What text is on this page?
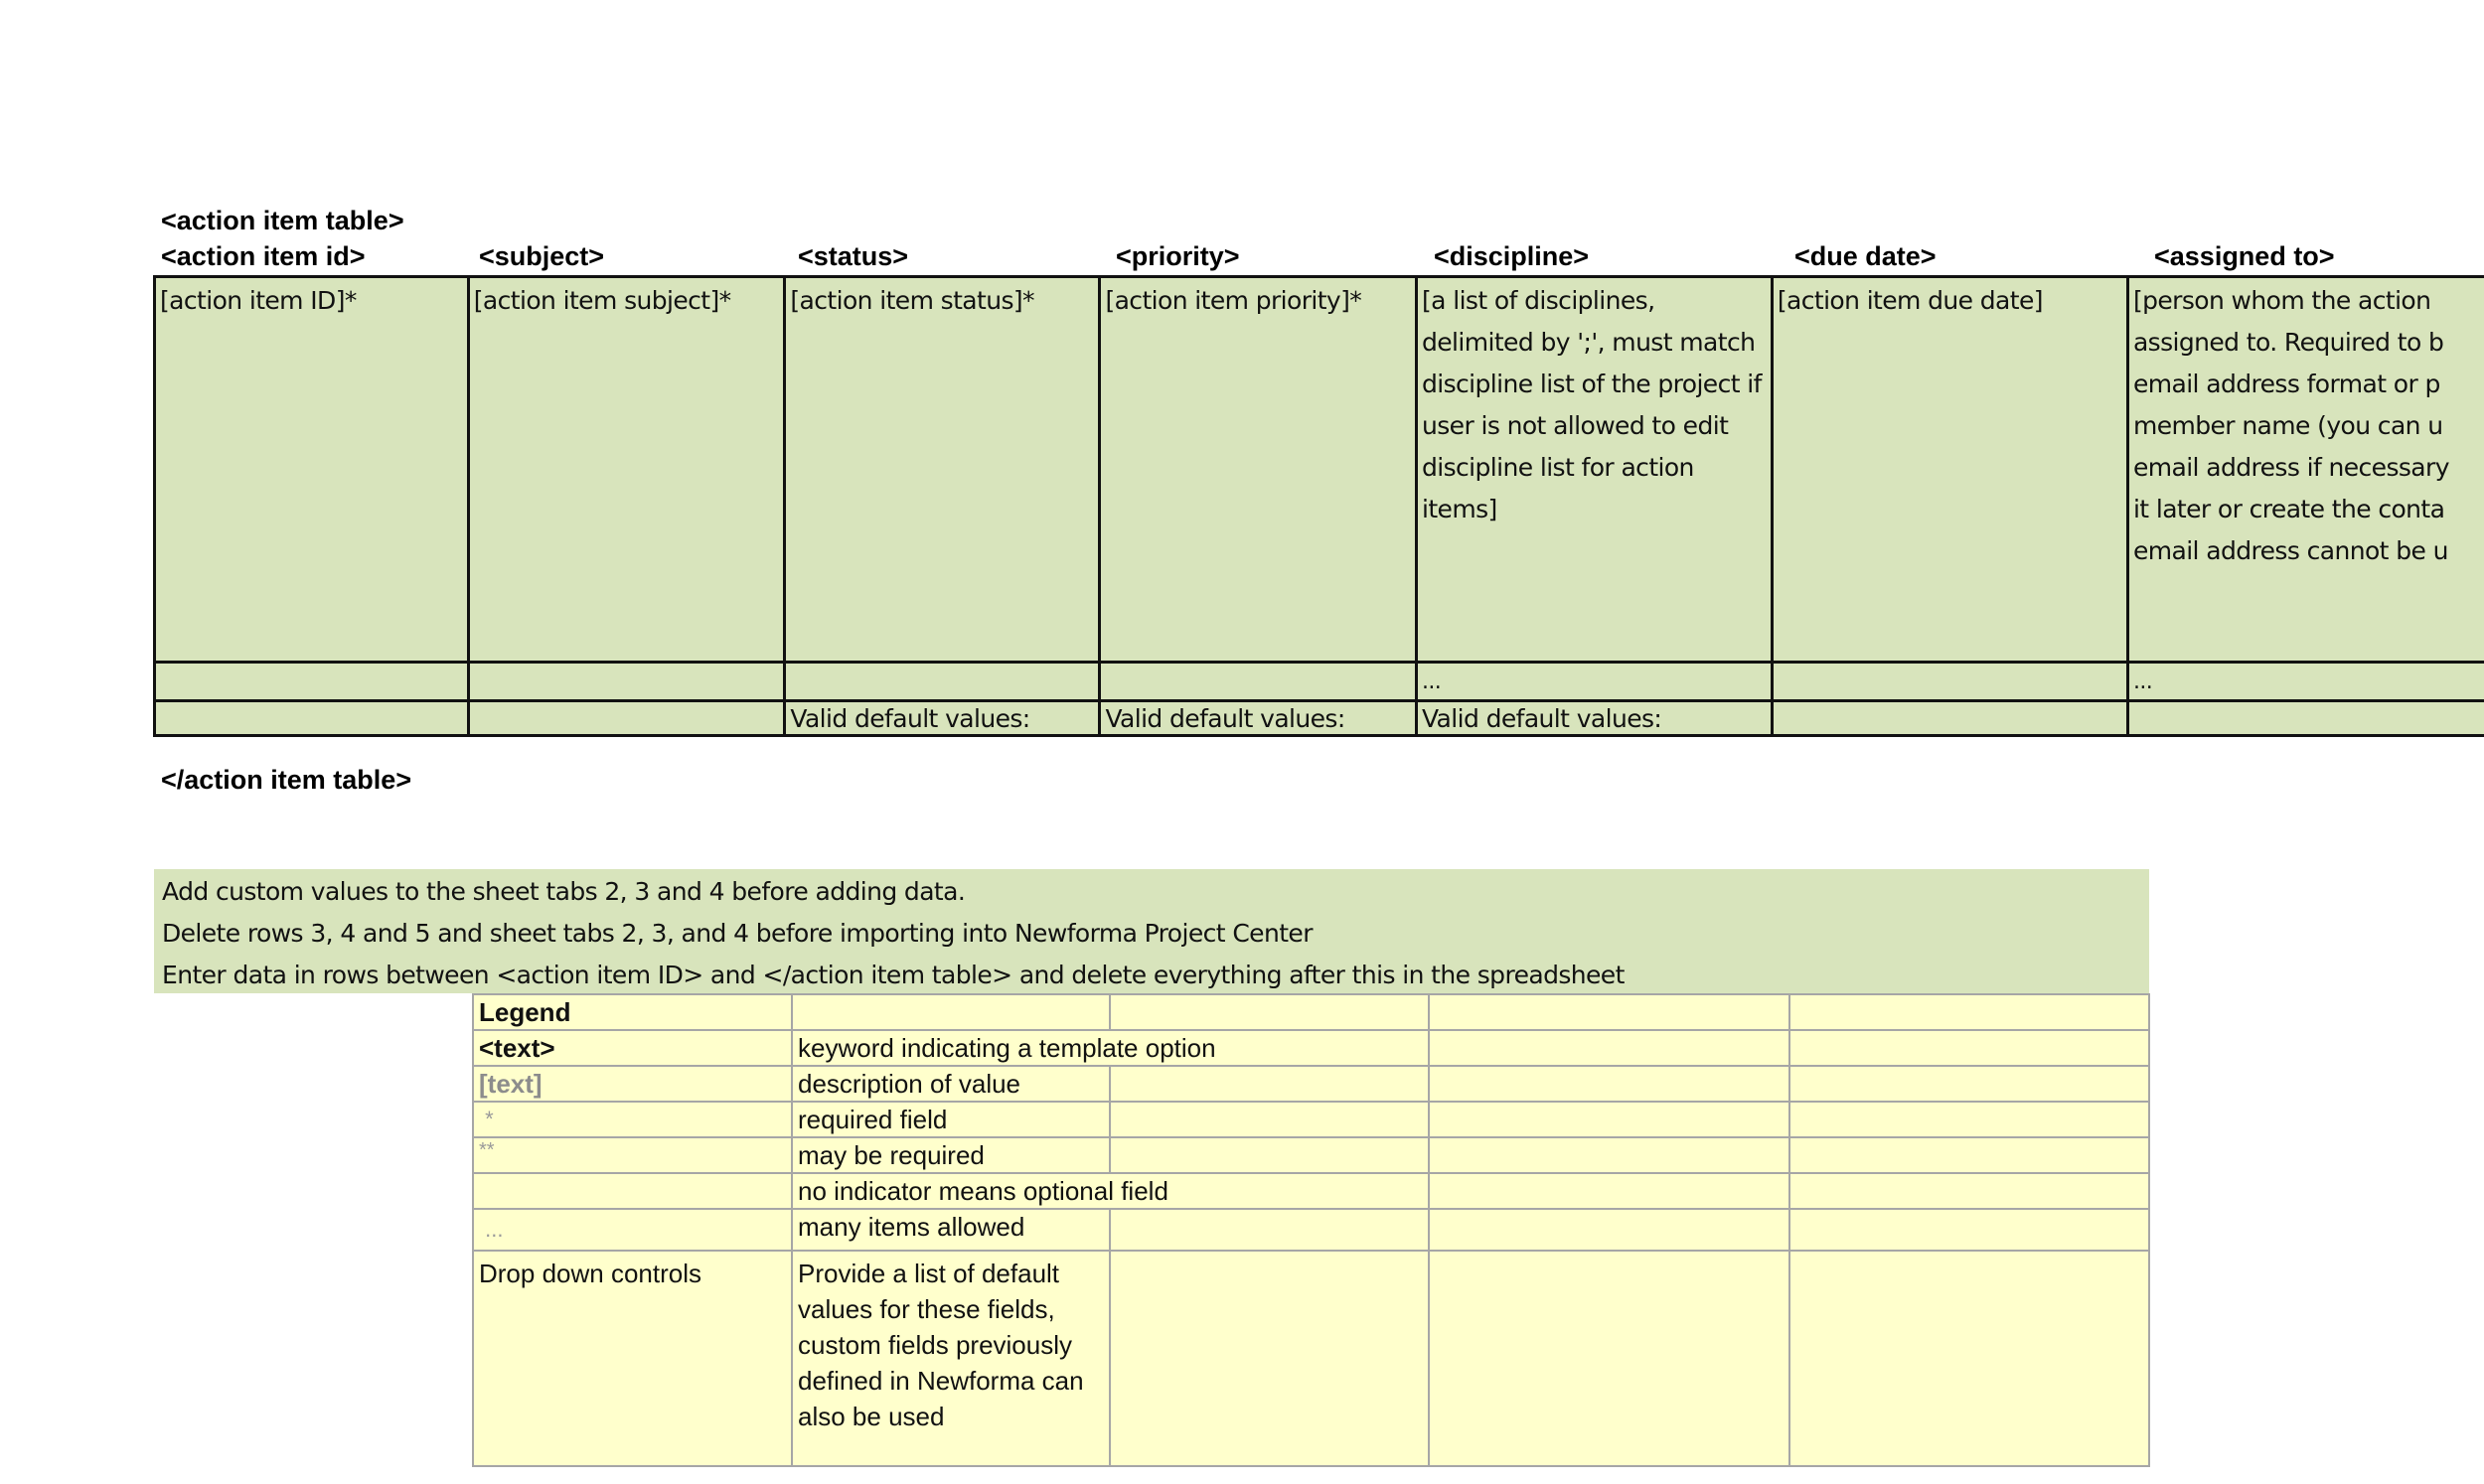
<action item table>
<action item id>	<subject>	<status>	<priority>	<discipline>	<due date>	<assigned to>
[action item ID]*	[action item subject]*	[action item status]*	[action item priority]*	[a list of disciplines, delimited by ';', must match discipline list of the project if user is not allowed to edit discipline list for action items]	[action item due date]	[person whom the action
assigned to. Required to b
email address format or p
member name (you can u
email address if necessary
it later or create the conta
email address cannot be u

				...		...
		Valid default values:	Valid default values:	Valid default values:		
</action item table>
Add custom values to the sheet tabs 2, 3 and 4 before adding data.
Delete rows 3, 4 and 5 and sheet tabs 2, 3, and 4 before importing into Newforma Project Center
Enter data in rows between <action item ID> and </action item table> and delete everything after this in the spreadsheet
Legend				
<text>	keyword indicating a template option			
[text]	description of value			
*	required field			
**	may be required			
	no indicator means optional field			
...	many items allowed			
Drop down controls	Provide a list of default values for these fields, custom fields previously defined in Newforma can also be used			
